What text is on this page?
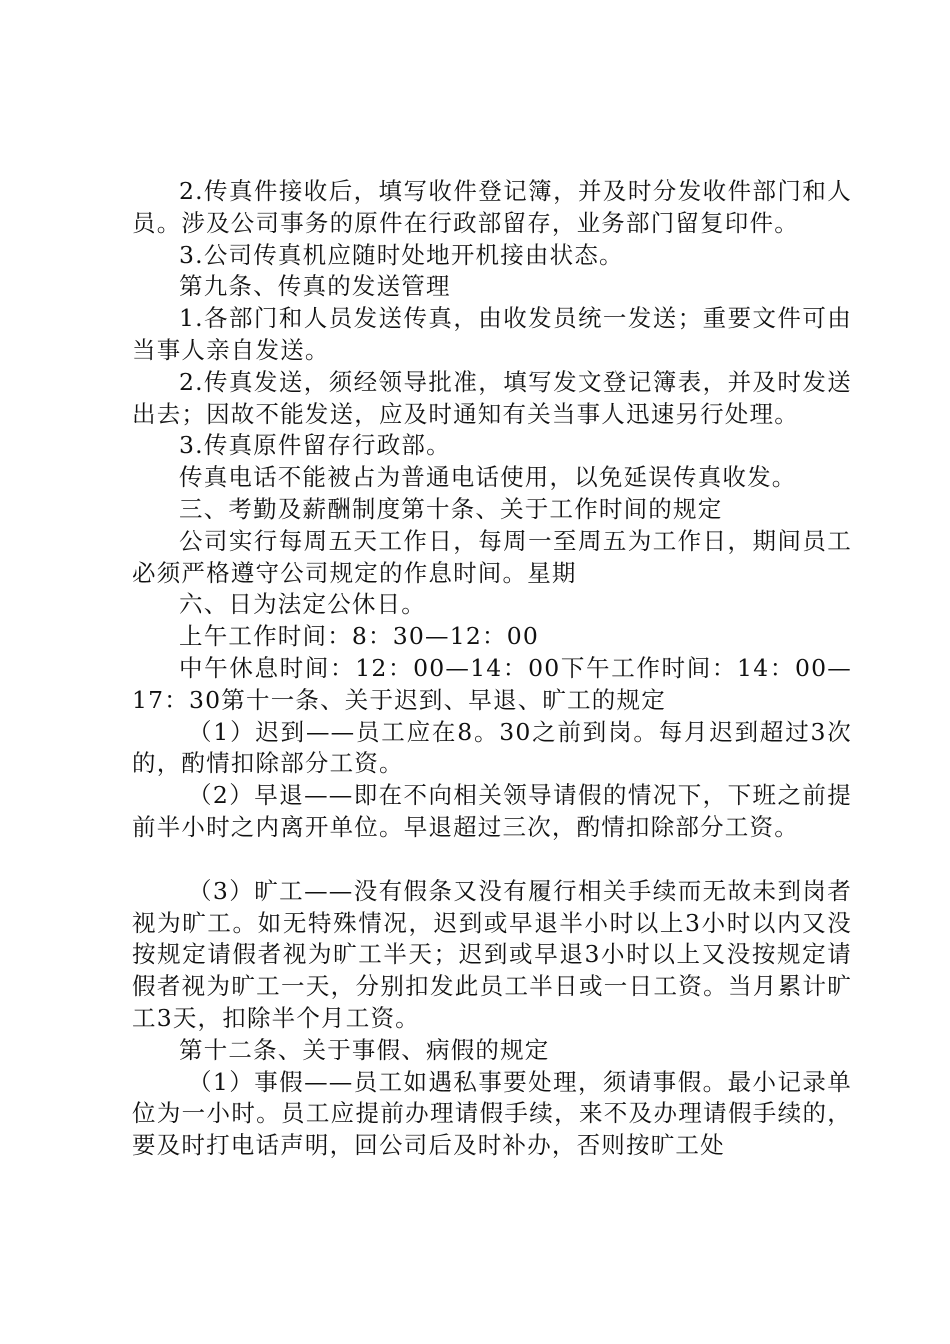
2.传真件接收后，填写收件登记簿，并及时分发收件部门和人员。涉及公司事务的原件在行政部留存，业务部门留复印件。

3.公司传真机应随时处地开机接由状态。

第九条、传真的发送管理

1.各部门和人员发送传真，由收发员统一发送；重要文件可由当事人亲自发送。

2.传真发送，须经领导批准，填写发文登记簿表，并及时发送出去；因故不能发送，应及时通知有关当事人迅速另行处理。

3.传真原件留存行政部。

传真电话不能被占为普通电话使用，以免延误传真收发。

三、考勤及薪酬制度第十条、关于工作时间的规定

公司实行每周五天工作日，每周一至周五为工作日，期间员工必须严格遵守公司规定的作息时间。星期

六、日为法定公休日。

上午工作时间：8：30—12：00

中午休息时间：12：00—14：00下午工作时间：14：00—17：30第十一条、关于迟到、早退、旷工的规定

（1）迟到——员工应在8。30之前到岗。每月迟到超过3次的，酌情扣除部分工资。

（2）早退——即在不向相关领导请假的情况下，下班之前提前半小时之内离开单位。早退超过三次，酌情扣除部分工资。

（3）旷工——没有假条又没有履行相关手续而无故未到岗者视为旷工。如无特殊情况，迟到或早退半小时以上3小时以内又没按规定请假者视为旷工半天；迟到或早退3小时以上又没按规定请假者视为旷工一天，分别扣发此员工半日或一日工资。当月累计旷工3天，扣除半个月工资。

第十二条、关于事假、病假的规定

（1）事假——员工如遇私事要处理，须请事假。最小记录单位为一小时。员工应提前办理请假手续，来不及办理请假手续的，要及时打电话声明，回公司后及时补办，否则按旷工处
